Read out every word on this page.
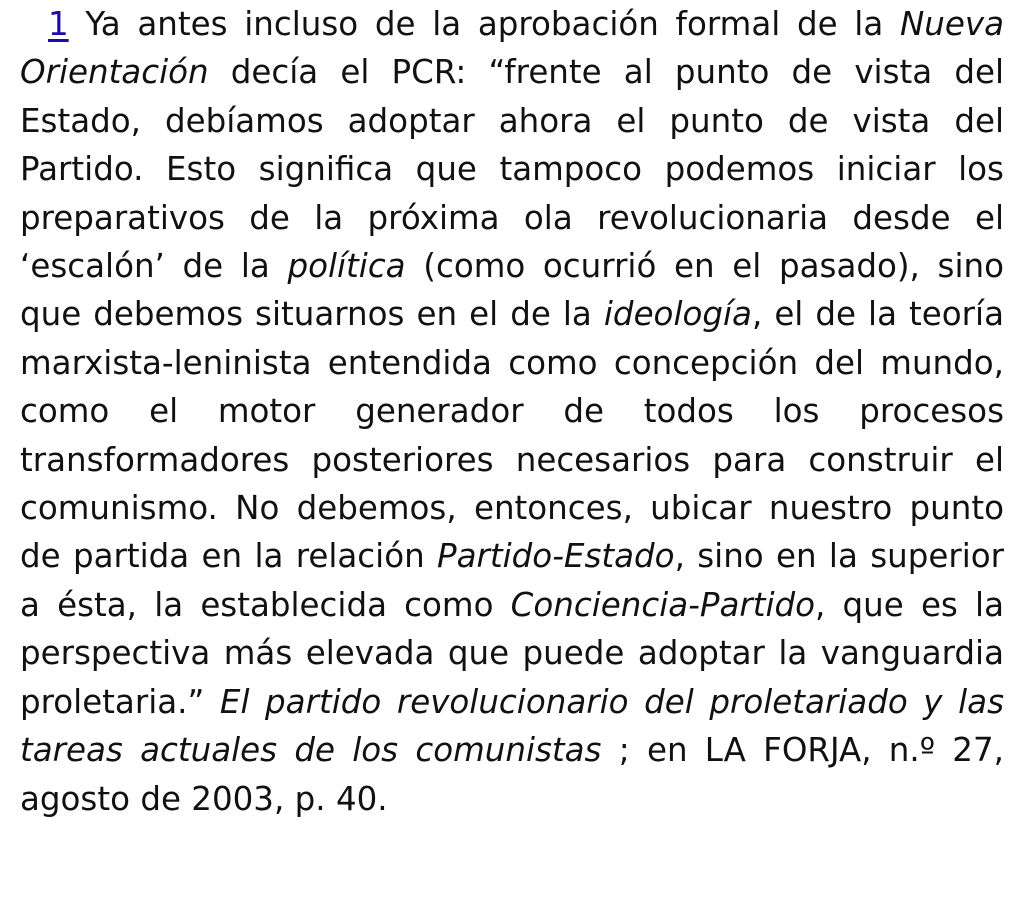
1 Ya antes incluso de la aprobación formal de la Nueva Orientación decía el PCR: “frente al punto de vista del Estado, debíamos adoptar ahora el punto de vista del Partido. Esto significa que tampoco podemos iniciar los preparativos de la próxima ola revolucionaria desde el ‘escalón’ de la política (como ocurrió en el pasado), sino que debemos situarnos en el de la ideología, el de la teoría marxista-leninista entendida como concepción del mundo, como el motor generador de todos los procesos transformadores posteriores necesarios para construir el comunismo. No debemos, entonces, ubicar nuestro punto de partida en la relación Partido-Estado, sino en la superior a ésta, la establecida como Conciencia-Partido, que es la perspectiva más elevada que puede adoptar la vanguardia proletaria.” El partido revolucionario del proletariado y las tareas actuales de los comunistas ; en LA FORJA, n.º 27, agosto de 2003, p. 40.
